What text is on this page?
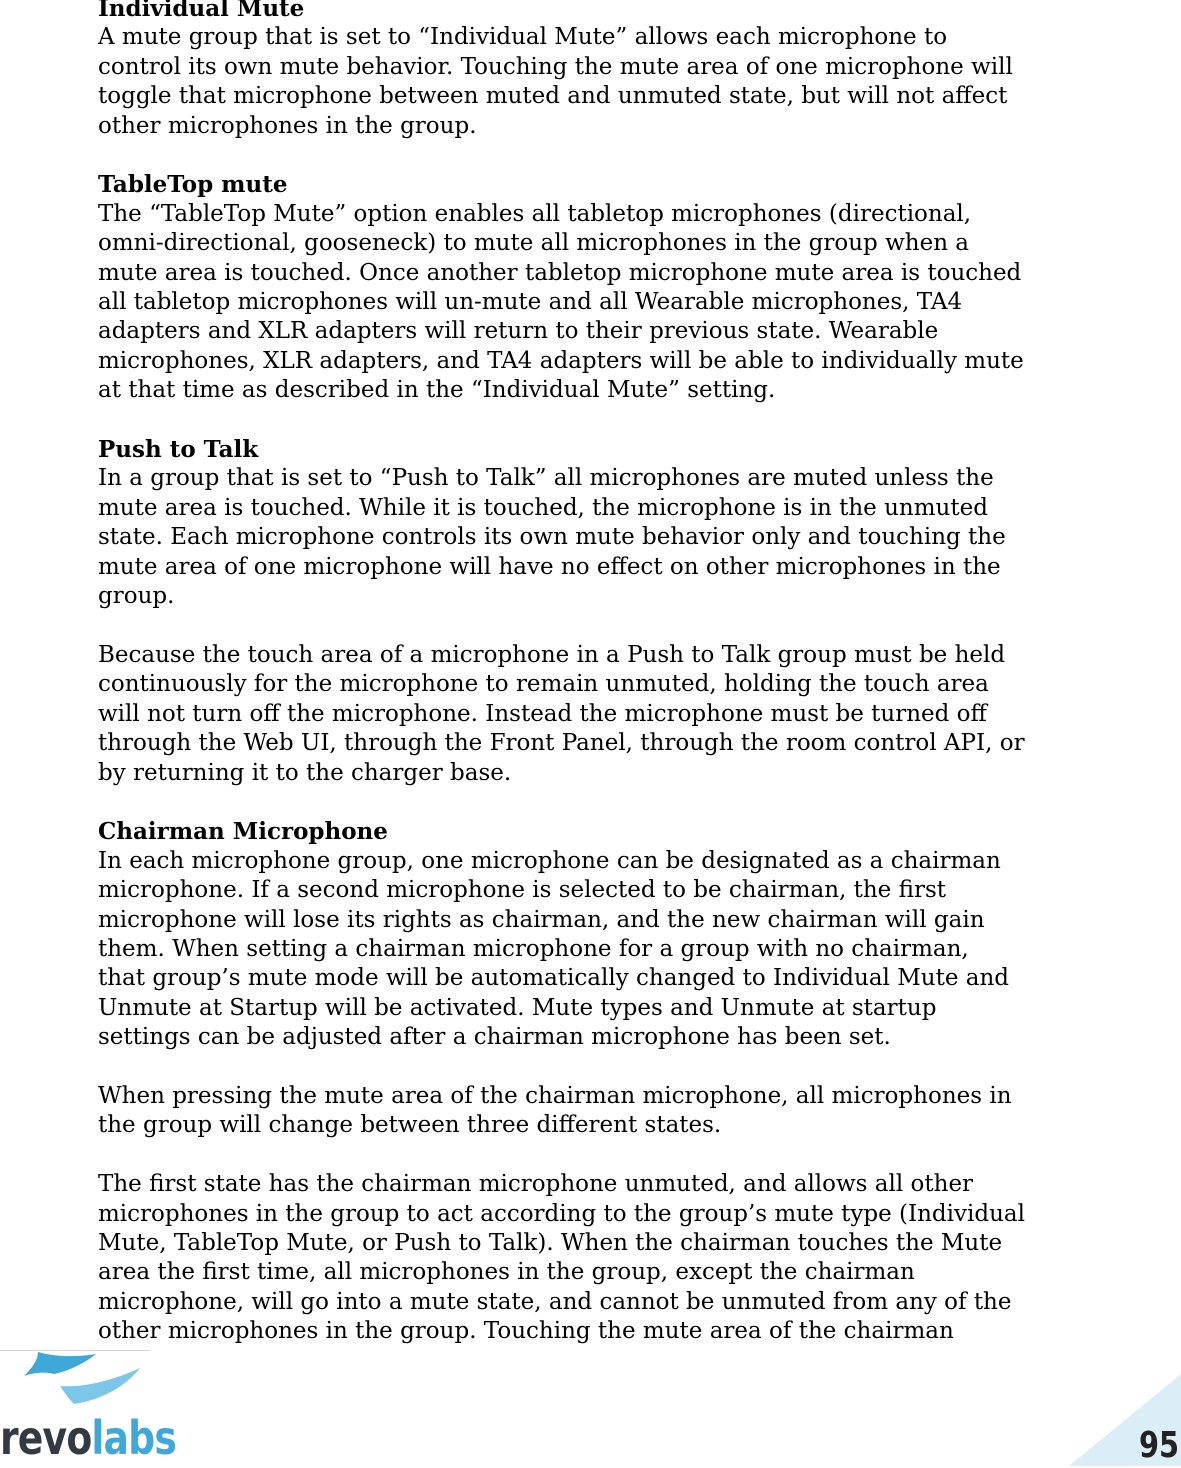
Individual Mute
A mute group that is set to “Individual Mute” allows each microphone to
control its own mute behavior. Touching the mute area of one microphone will
toggle that microphone between muted and unmuted state, but will not affect
other microphones in the group.
TableTop mute
The “TableTop Mute” option enables all tabletop microphones (directional,
omni-directional, gooseneck) to mute all microphones in the group when a
mute area is touched. Once another tabletop microphone mute area is touched
all tabletop microphones will un-mute and all Wearable microphones, TA4
adapters and XLR adapters will return to their previous state. Wearable
microphones, XLR adapters, and TA4 adapters will be able to individually mute
at that time as described in the “Individual Mute” setting.
Push to Talk
In a group that is set to “Push to Talk” all microphones are muted unless the
mute area is touched. While it is touched, the microphone is in the unmuted
state. Each microphone controls its own mute behavior only and touching the
mute area of one microphone will have no effect on other microphones in the
group.
Because the touch area of a microphone in a Push to Talk group must be held
continuously for the microphone to remain unmuted, holding the touch area
will not turn off the microphone. Instead the microphone must be turned off
through the Web UI, through the Front Panel, through the room control API, or
by returning it to the charger base.
Chairman Microphone
In each microphone group, one microphone can be designated as a chairman
microphone. If a second microphone is selected to be chairman, the first
microphone will lose its rights as chairman, and the new chairman will gain
them. When setting a chairman microphone for a group with no chairman,
that group’s mute mode will be automatically changed to Individual Mute and
Unmute at Startup will be activated. Mute types and Unmute at startup
settings can be adjusted after a chairman microphone has been set.
When pressing the mute area of the chairman microphone, all microphones in
the group will change between three different states.
The first state has the chairman microphone unmuted, and allows all other
microphones in the group to act according to the group’s mute type (Individual
Mute, TableTop Mute, or Push to Talk). When the chairman touches the Mute
area the first time, all microphones in the group, except the chairman
microphone, will go into a mute state, and cannot be unmuted from any of the
other microphones in the group. Touching the mute area of the chairman
revolabs	95
